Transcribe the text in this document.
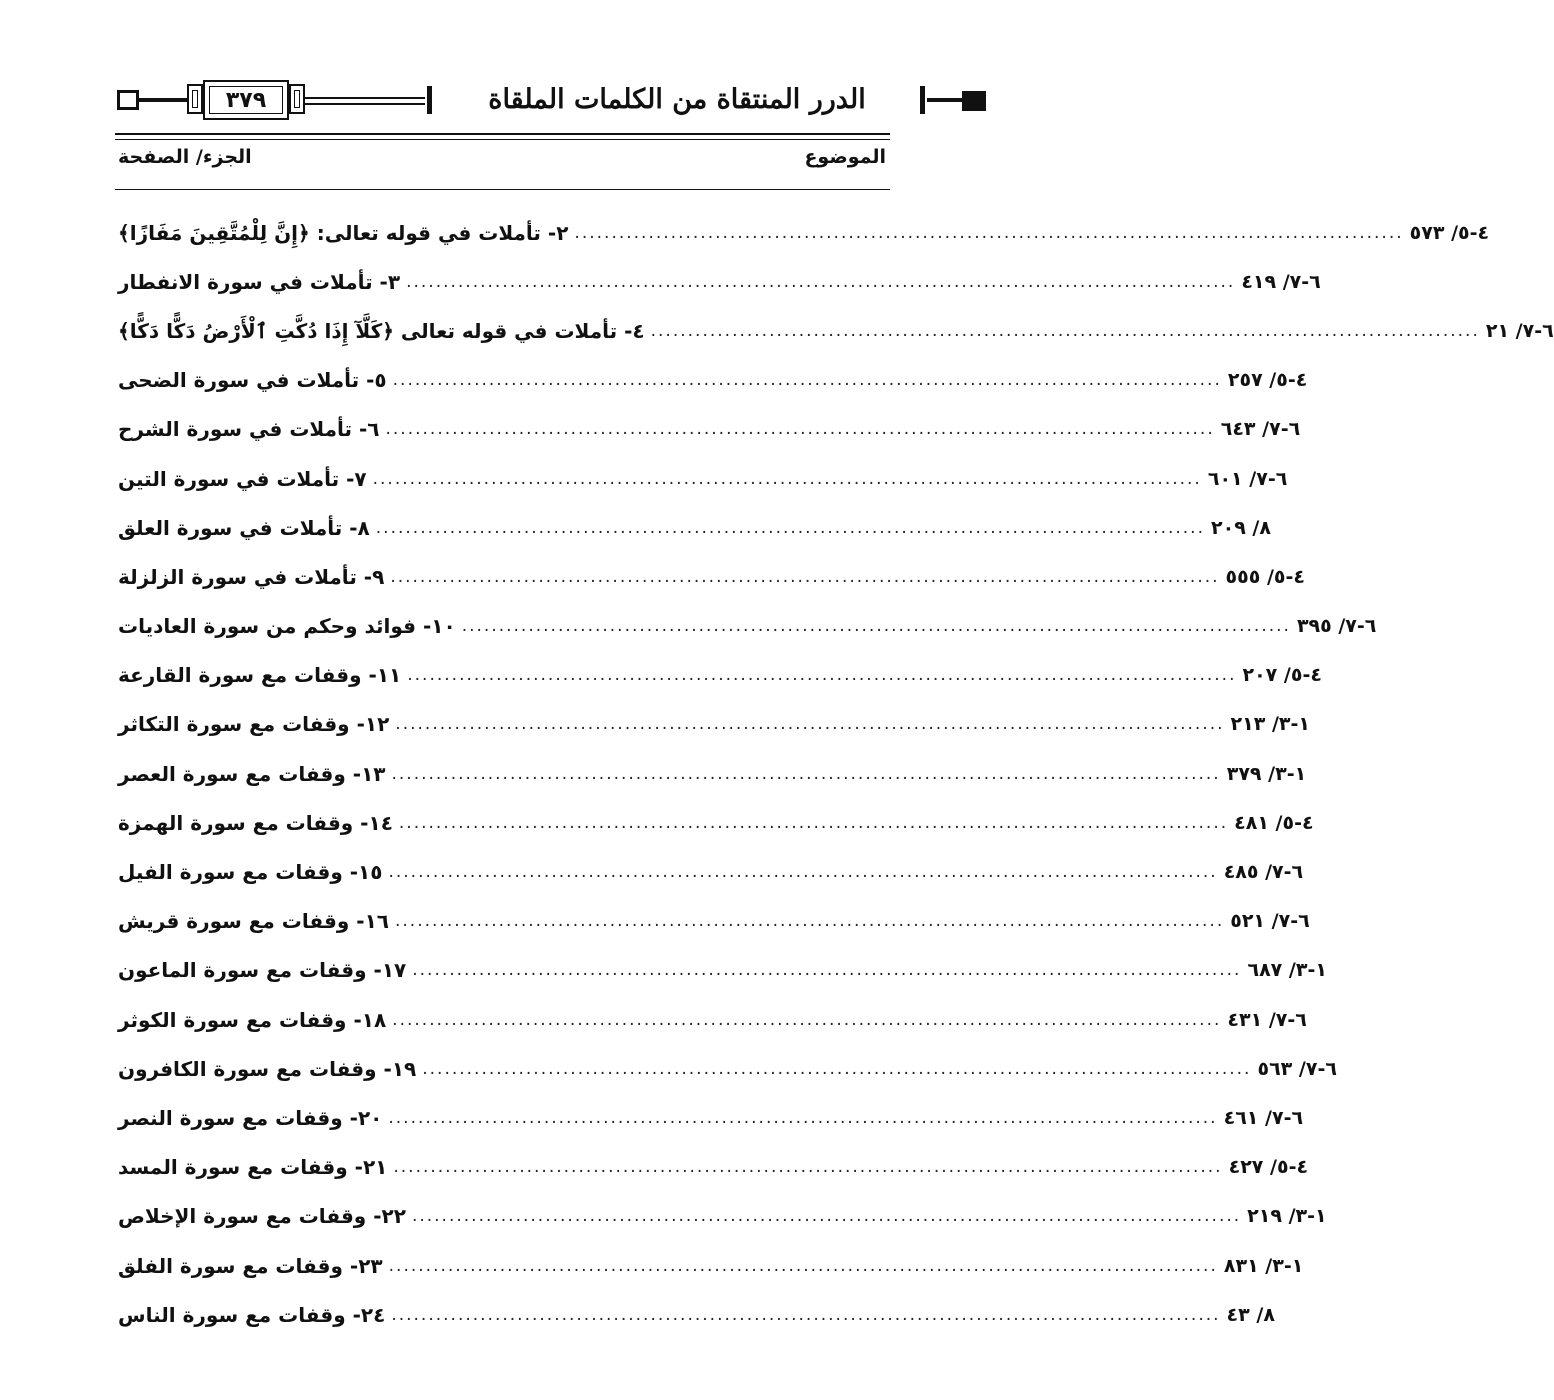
٣٧٩	الدرر المنتقاة من الكلمات الملقاة
الموضوع
الجزء/ الصفحة
٢- تأملات في قوله تعالى: ﴿إِنَّ لِلْمُتَّقِينَ مَفَازًا﴾ ................................................................................................................ ٤-٥/ ٥٧٣
٣- تأملات في سورة الانفطار ................................................................................................................ ٦-٧/ ٤١٩
٤- تأملات في قوله تعالى ﴿كَلَّآ إِذَا دُكَّتِ ٱلْأَرْضُ دَكًّا دَكًّا﴾ ................................................................................................................ ٦-٧/ ٢١
٥- تأملات في سورة الضحى ................................................................................................................ ٤-٥/ ٢٥٧
٦- تأملات في سورة الشرح ................................................................................................................ ٦-٧/ ٦٤٣
٧- تأملات في سورة التين ................................................................................................................ ٦-٧/ ٦٠١
٨- تأملات في سورة العلق ................................................................................................................ ٨/ ٢٠٩
٩- تأملات في سورة الزلزلة ................................................................................................................ ٤-٥/ ٥٥٥
١٠- فوائد وحكم من سورة العاديات ................................................................................................................ ٦-٧/ ٣٩٥
١١- وقفات مع سورة القارعة ................................................................................................................ ٤-٥/ ٢٠٧
١٢- وقفات مع سورة التكاثر ................................................................................................................ ١-٣/ ٢١٣
١٣- وقفات مع سورة العصر ................................................................................................................ ١-٣/ ٣٧٩
١٤- وقفات مع سورة الهمزة ................................................................................................................ ٤-٥/ ٤٨١
١٥- وقفات مع سورة الفيل ................................................................................................................ ٦-٧/ ٤٨٥
١٦- وقفات مع سورة قريش ................................................................................................................ ٦-٧/ ٥٢١
١٧- وقفات مع سورة الماعون ................................................................................................................ ١-٣/ ٦٨٧
١٨- وقفات مع سورة الكوثر ................................................................................................................ ٦-٧/ ٤٣١
١٩- وقفات مع سورة الكافرون ................................................................................................................ ٦-٧/ ٥٦٣
٢٠- وقفات مع سورة النصر ................................................................................................................ ٦-٧/ ٤٦١
٢١- وقفات مع سورة المسد ................................................................................................................ ٤-٥/ ٤٢٧
٢٢- وقفات مع سورة الإخلاص ................................................................................................................ ١-٣/ ٢١٩
٢٣- وقفات مع سورة الفلق ................................................................................................................ ١-٣/ ٨٣١
٢٤- وقفات مع سورة الناس ................................................................................................................ ٨/ ٤٣
